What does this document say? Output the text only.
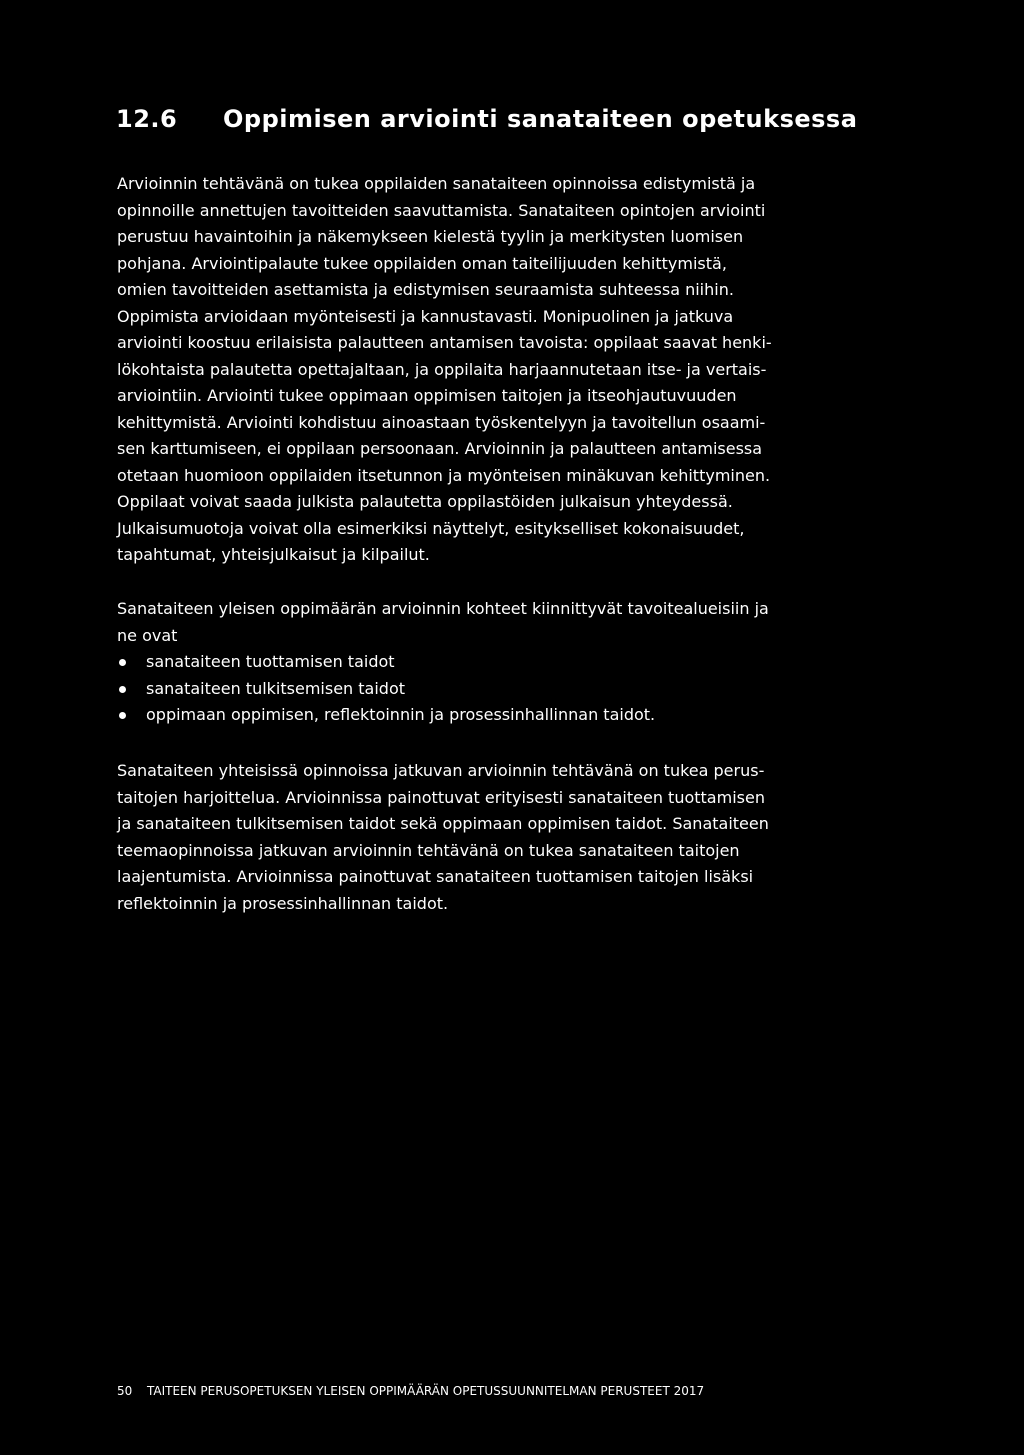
12.6 Oppimisen arviointi sanataiteen opetuksessa
Arvioinnin tehtävänä on tukea oppilaiden sanataiteen opinnoissa edistymistä ja
opinnoille annettujen tavoitteiden saavuttamista. Sanataiteen opintojen arviointi
perustuu havaintoihin ja näkemykseen kielestä tyylin ja merkitysten luomisen
pohjana. Arviointipalaute tukee oppilaiden oman taiteilijuuden kehittymistä,
omien tavoitteiden asettamista ja edistymisen seuraamista suhteessa niihin.
Oppimista arvioidaan myönteisesti ja kannustavasti. Monipuolinen ja jatkuva
arviointi koostuu erilaisista palautteen antamisen tavoista: oppilaat saavat henki-
lökohtaista palautetta opettajaltaan, ja oppilaita harjaannutetaan itse- ja vertais-
arviointiin. Arviointi tukee oppimaan oppimisen taitojen ja itseohjautuvuuden
kehittymistä. Arviointi kohdistuu ainoastaan työskentelyyn ja tavoitellun osaami-
sen karttumiseen, ei oppilaan persoonaan. Arvioinnin ja palautteen antamisessa
otetaan huomioon oppilaiden itsetunnon ja myönteisen minäkuvan kehittyminen.
Oppilaat voivat saada julkista palautetta oppilastöiden julkaisun yhteydessä.
Julkaisumuotoja voivat olla esimerkiksi näyttelyt, esitykselliset kokonaisuudet,
tapahtumat, yhteisjulkaisut ja kilpailut.
Sanataiteen yleisen oppimäärän arvioinnin kohteet kiinnittyvät tavoitealueisiin ja
ne ovat
sanataiteen tuottamisen taidot
sanataiteen tulkitsemisen taidot
oppimaan oppimisen, reflektoinnin ja prosessinhallinnan taidot.
Sanataiteen yhteisissä opinnoissa jatkuvan arvioinnin tehtävänä on tukea perus-
taitojen harjoittelua. Arvioinnissa painottuvat erityisesti sanataiteen tuottamisen
ja sanataiteen tulkitsemisen taidot sekä oppimaan oppimisen taidot. Sanataiteen
teemaopinnoissa jatkuvan arvioinnin tehtävänä on tukea sanataiteen taitojen
laajentumista. Arvioinnissa painottuvat sanataiteen tuottamisen taitojen lisäksi
reflektoinnin ja prosessinhallinnan taidot.
50 TAITEEN PERUSOPETUKSEN YLEISEN OPPIMÄÄRÄN OPETUSSUUNNITELMAN PERUSTEET 2017
